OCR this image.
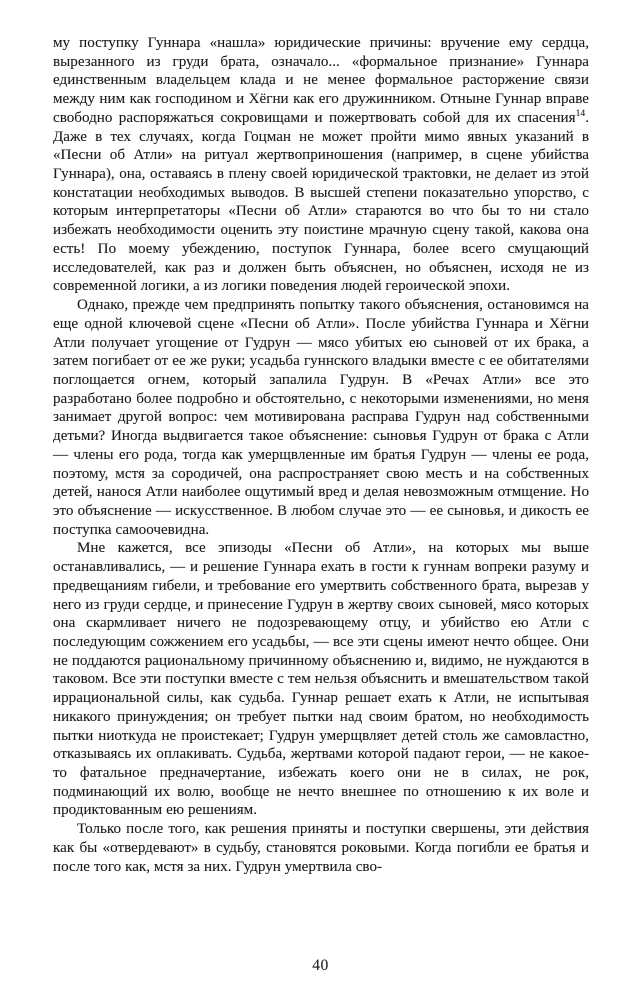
му поступку Гуннара «нашла» юридические причины: вручение ему сердца, вырезанного из груди брата, означало... «формальное признание» Гуннара единственным владельцем клада и не менее формальное расторжение связи между ним как господином и Хёгни как его дружинником. Отныне Гуннар вправе свободно распоряжаться сокровищами и пожертвовать собой для их спасения$^{14}$. Даже в тех случаях, когда Гоцман не может пройти мимо явных указаний в «Песни об Атли» на ритуал жертвоприношения (например, в сцене убийства Гуннара), она, оставаясь в плену своей юридической трактовки, не делает из этой констатации необходимых выводов. В высшей степени показательно упорство, с которым интерпретаторы «Песни об Атли» стараются во что бы то ни стало избежать необходимости оценить эту поистине мрачную сцену такой, какова она есть! По моему убеждению, поступок Гуннара, более всего смущающий исследователей, как раз и должен быть объяснен, но объяснен, исходя не из современной логики, а из логики поведения людей героической эпохи.

Однако, прежде чем предпринять попытку такого объяснения, остановимся на еще одной ключевой сцене «Песни об Атли». После убийства Гуннара и Хёгни Атли получает угощение от Гудрун — мясо убитых ею сыновей от их брака, а затем погибает от ее же руки; усадьба гуннского владыки вместе с ее обитателями поглощается огнем, который запалила Гудрун. В «Речах Атли» все это разработано более подробно и обстоятельно, с некоторыми изменениями, но меня занимает другой вопрос: чем мотивирована расправа Гудрун над собственными детьми? Иногда выдвигается такое объяснение: сыновья Гудрун от брака с Атли — члены его рода, тогда как умерщвленные им братья Гудрун — члены ее рода, поэтому, мстя за сородичей, она распространяет свою месть и на собственных детей, нанося Атли наиболее ощутимый вред и делая невозможным отмщение. Но это объяснение — искусственное. В любом случае это — ее сыновья, и дикость ее поступка самоочевидна.

Мне кажется, все эпизоды «Песни об Атли», на которых мы выше останавливались, — и решение Гуннара ехать в гости к гуннам вопреки разуму и предвещаниям гибели, и требование его умертвить собственного брата, вырезав у него из груди сердце, и принесение Гудрун в жертву своих сыновей, мясо которых она скармливает ничего не подозревающему отцу, и убийство ею Атли с последующим сожжением его усадьбы, — все эти сцены имеют нечто общее. Они не поддаются рациональному причинному объяснению и, видимо, не нуждаются в таковом. Все эти поступки вместе с тем нельзя объяснить и вмешательством такой иррациональной силы, как судьба. Гуннар решает ехать к Атли, не испытывая никакого принуждения; он требует пытки над своим братом, но необходимость пытки ниоткуда не проистекает; Гудрун умерщвляет детей столь же самовластно, отказываясь их оплакивать. Судьба, жертвами которой падают герои, — не какое-то фатальное предначертание, избежать коего они не в силах, не рок, подминающий их волю, вообще не нечто внешнее по отношению к их воле и продиктованным ею решениям.

Только после того, как решения приняты и поступки свершены, эти действия как бы «отвердевают» в судьбу, становятся роковыми. Когда погибли ее братья и после того как, мстя за них. Гудрун умертвила сво-

40
